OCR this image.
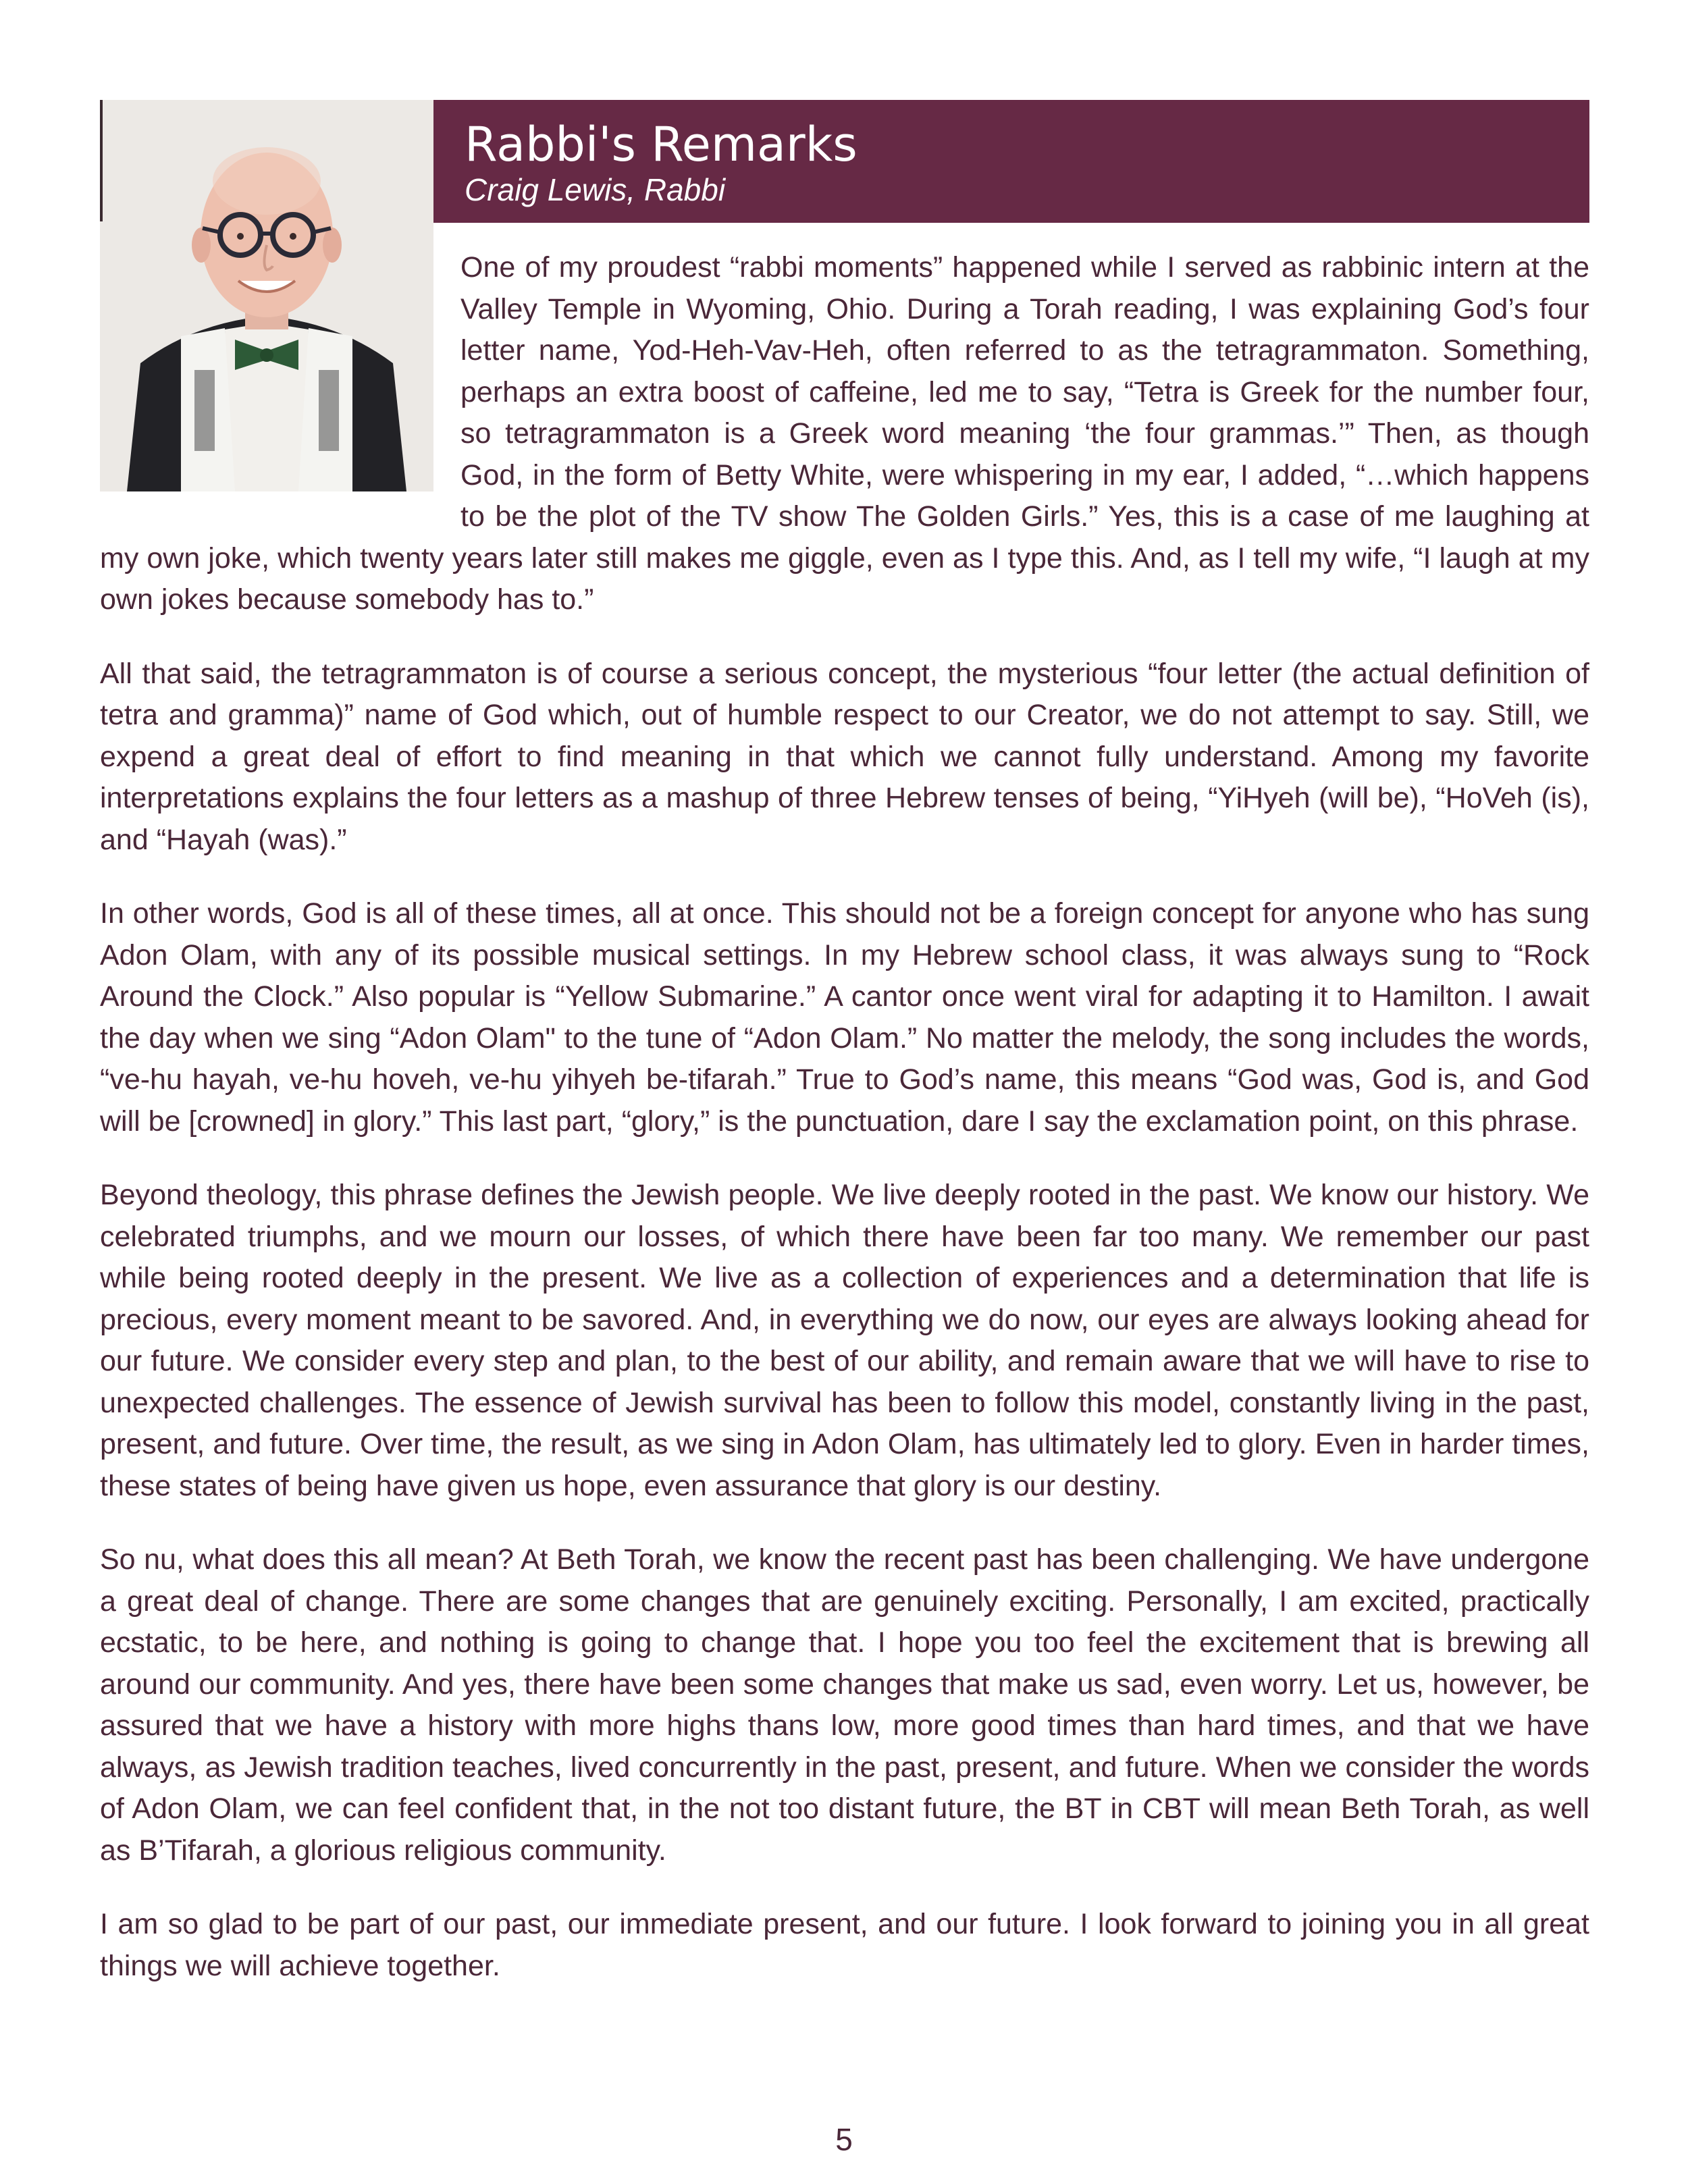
Rabbi's Remarks
Craig Lewis, Rabbi

One of my proudest “rabbi moments” happened while I served as rabbinic intern at the Valley Temple in Wyoming, Ohio. During a Torah reading, I was explaining God’s four letter name, Yod-Heh-Vav-Heh, often referred to as the tetragrammaton. Something, perhaps an extra boost of caffeine, led me to say, “Tetra is Greek for the number four, so tetragrammaton is a Greek word meaning ‘the four grammas.’” Then, as though God, in the form of Betty White, were whispering in my ear, I added, “…which happens to be the plot of the TV show The Golden Girls.” Yes, this is a case of me laughing at my own joke, which twenty years later still makes me giggle, even as I type this. And, as I tell my wife, “I laugh at my own jokes because somebody has to.”

All that said, the tetragrammaton is of course a serious concept, the mysterious “four letter (the actual definition of tetra and gramma)” name of God which, out of humble respect to our Creator, we do not attempt to say. Still, we expend a great deal of effort to find meaning in that which we cannot fully understand. Among my favorite interpretations explains the four letters as a mashup of three Hebrew tenses of being, “YiHyeh (will be), “HoVeh (is), and “Hayah (was).”

In other words, God is all of these times, all at once. This should not be a foreign concept for anyone who has sung Adon Olam, with any of its possible musical settings. In my Hebrew school class, it was always sung to “Rock Around the Clock.” Also popular is “Yellow Submarine.” A cantor once went viral for adapting it to Hamilton. I await the day when we sing “Adon Olam" to the tune of “Adon Olam.” No matter the melody, the song includes the words, “ve-hu hayah, ve-hu hoveh, ve-hu yihyeh be-tifarah.” True to God’s name, this means “God was, God is, and God will be [crowned] in glory.” This last part, “glory,” is the punctuation, dare I say the exclamation point, on this phrase.

Beyond theology, this phrase defines the Jewish people. We live deeply rooted in the past. We know our history. We celebrated triumphs, and we mourn our losses, of which there have been far too many. We remember our past while being rooted deeply in the present. We live as a collection of experiences and a determination that life is precious, every moment meant to be savored. And, in everything we do now, our eyes are always looking ahead for our future. We consider every step and plan, to the best of our ability, and remain aware that we will have to rise to unexpected challenges. The essence of Jewish survival has been to follow this model, constantly living in the past, present, and future. Over time, the result, as we sing in Adon Olam, has ultimately led to glory. Even in harder times, these states of being have given us hope, even assurance that glory is our destiny.

So nu, what does this all mean? At Beth Torah, we know the recent past has been challenging. We have undergone a great deal of change. There are some changes that are genuinely exciting. Personally, I am excited, practically ecstatic, to be here, and nothing is going to change that. I hope you too feel the excitement that is brewing all around our community. And yes, there have been some changes that make us sad, even worry. Let us, however, be assured that we have a history with more highs thans low, more good times than hard times, and that we have always, as Jewish tradition teaches, lived concurrently in the past, present, and future. When we consider the words of Adon Olam, we can feel confident that, in the not too distant future, the BT in CBT will mean Beth Torah, as well as B’Tifarah, a glorious religious community.

I am so glad to be part of our past, our immediate present, and our future. I look forward to joining you in all great things we will achieve together.

5
